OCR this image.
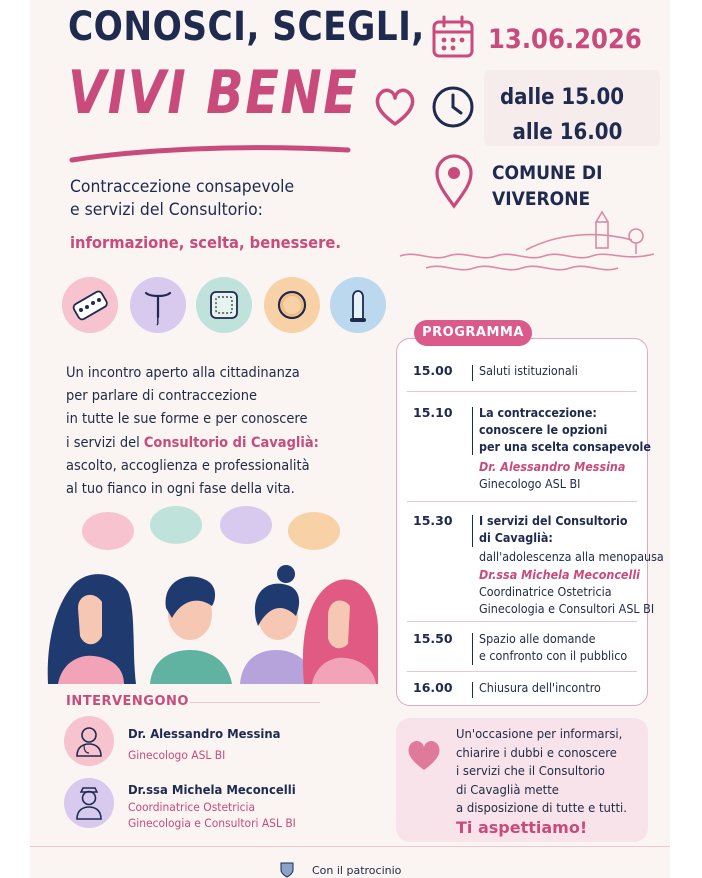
CONOSCI, SCEGLI,
VIVI BENE
Contraccezione consapevole
e servizi del Consultorio:
informazione, scelta, benessere.
13.06.2026
dalle 15.00
alle 16.00
COMUNE DI
VIVERONE
Un incontro aperto alla cittadinanza
per parlare di contraccezione
in tutte le sue forme e per conoscere
i servizi del Consultorio di Cavaglià:
ascolto, accoglienza e professionalità
al tuo fianco in ogni fase della vita.
15.00 Saluti istituzionali
15.10 La contraccezione:
conoscere le opzioni
per una scelta consapevole
Dr. Alessandro Messina
Ginecologo ASL BI
15.30 I servizi del Consultorio
di Cavaglià:
dall'adolescenza alla menopausa
Dr.ssa Michela Meconcelli
Coordinatrice Ostetricia
Ginecologia e Consultori ASL BI
15.50 Spazio alle domande
e confronto con il pubblico
16.00 Chiusura dell'incontro
PROGRAMMA
INTERVENGONO
Dr. Alessandro Messina
Ginecologo ASL BI
Dr.ssa Michela Meconcelli
Coordinatrice Ostetricia
Ginecologia e Consultori ASL BI
Un'occasione per informarsi,
chiarire i dubbi e conoscere
i servizi che il Consultorio
di Cavaglià mette
a disposizione di tutte e tutti.
Ti aspettiamo!
Con il patrocinio
